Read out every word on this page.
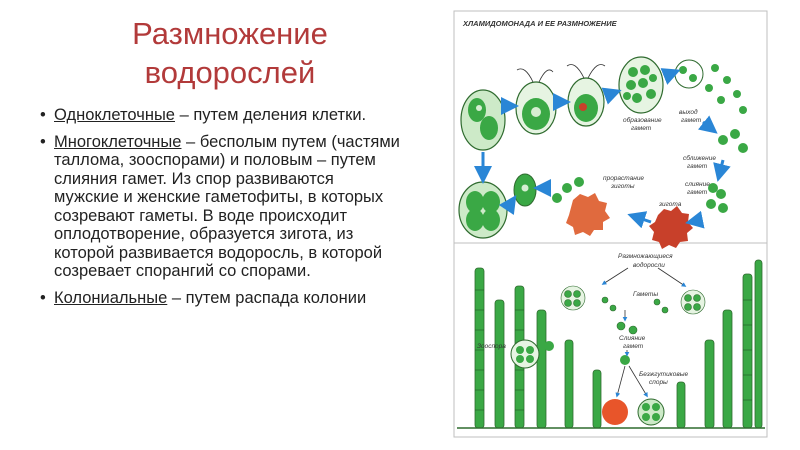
Размножение
водорослей
• Одноклеточные – путем деления клетки.
• Многоклеточные – бесполым путем (частями таллома, зооспорами) и половым – путем слияния гамет. Из спор развиваются мужские и женские гаметофиты, в которых созревают гаметы. В воде происходит оплодотворение, образуется зигота, из которой развивается водоросль, в которой созревает спорангий со спорами.
• Колониальные – путем распада колонии
ХЛАМИДОМОНАДА И ЕЕ РАЗМНОЖЕНИЕ
образование
гамет
выход
гамет
сближение
гамет
слияние
гамет
зигота
прорастание
зиготы
Размножающиеся
водоросли
Гаметы
Слияние
гамет
Зооспора
Безжгутиковые
споры
